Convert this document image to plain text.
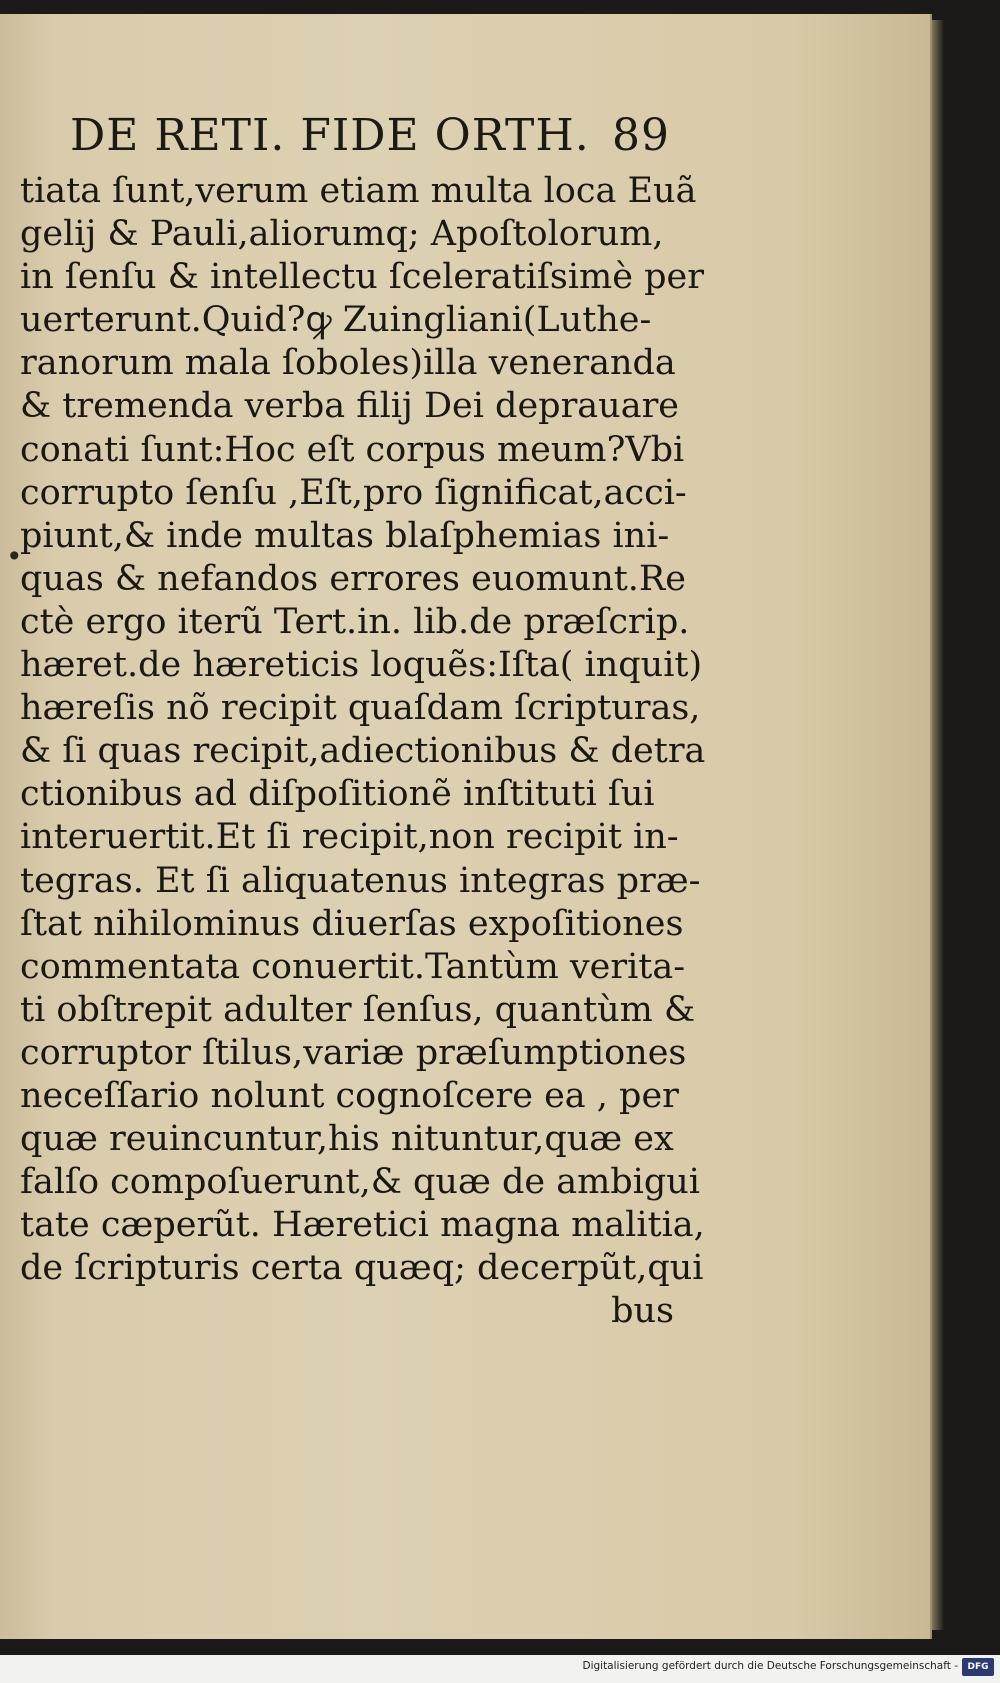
DE RETI. FIDE ORTH. 89
•
tiata ſunt,verum etiam multa loca Euã
gelij & Pauli,aliorumq; Apoſtolorum,
in ſenſu & intellectu ſceleratiſsimè per
uerterunt.Quid?ꝙ Zuingliani(Luthe-
ranorum mala ſoboles)illa veneranda
& tremenda verba filij Dei deprauare
conati ſunt:Hoc eſt corpus meum?Vbi
corrupto ſenſu ,Eſt,pro ſignificat,acci-
piunt,& inde multas blaſphemias ini-
quas & nefandos errores euomunt.Re
ctè ergo iterũ Tert.in. lib.de præſcrip.
hæret.de hæreticis loquẽs:Iſta( inquit)
hæreſis nõ recipit quaſdam ſcripturas,
& ſi quas recipit,adiectionibus & detra
ctionibus ad diſpoſitionẽ inſtituti ſui
interuertit.Et ſi recipit,non recipit in-
tegras. Et ſi aliquatenus integras præ-
ſtat nihilominus diuerſas expoſitiones
commentata conuertit.Tantùm verita-
ti obſtrepit adulter ſenſus, quantùm &
corruptor ſtilus,variæ præſumptiones
neceſſario nolunt cognoſcere ea , per
quæ reuincuntur,his nituntur,quæ ex
falſo compoſuerunt,& quæ de ambigui
tate cæperũt. Hæretici magna malitia,
de ſcripturis certa quæq; decerpũt,qui
bus
Digitalisierung gefördert durch die Deutsche Forschungsgemeinschaft -	DFG
